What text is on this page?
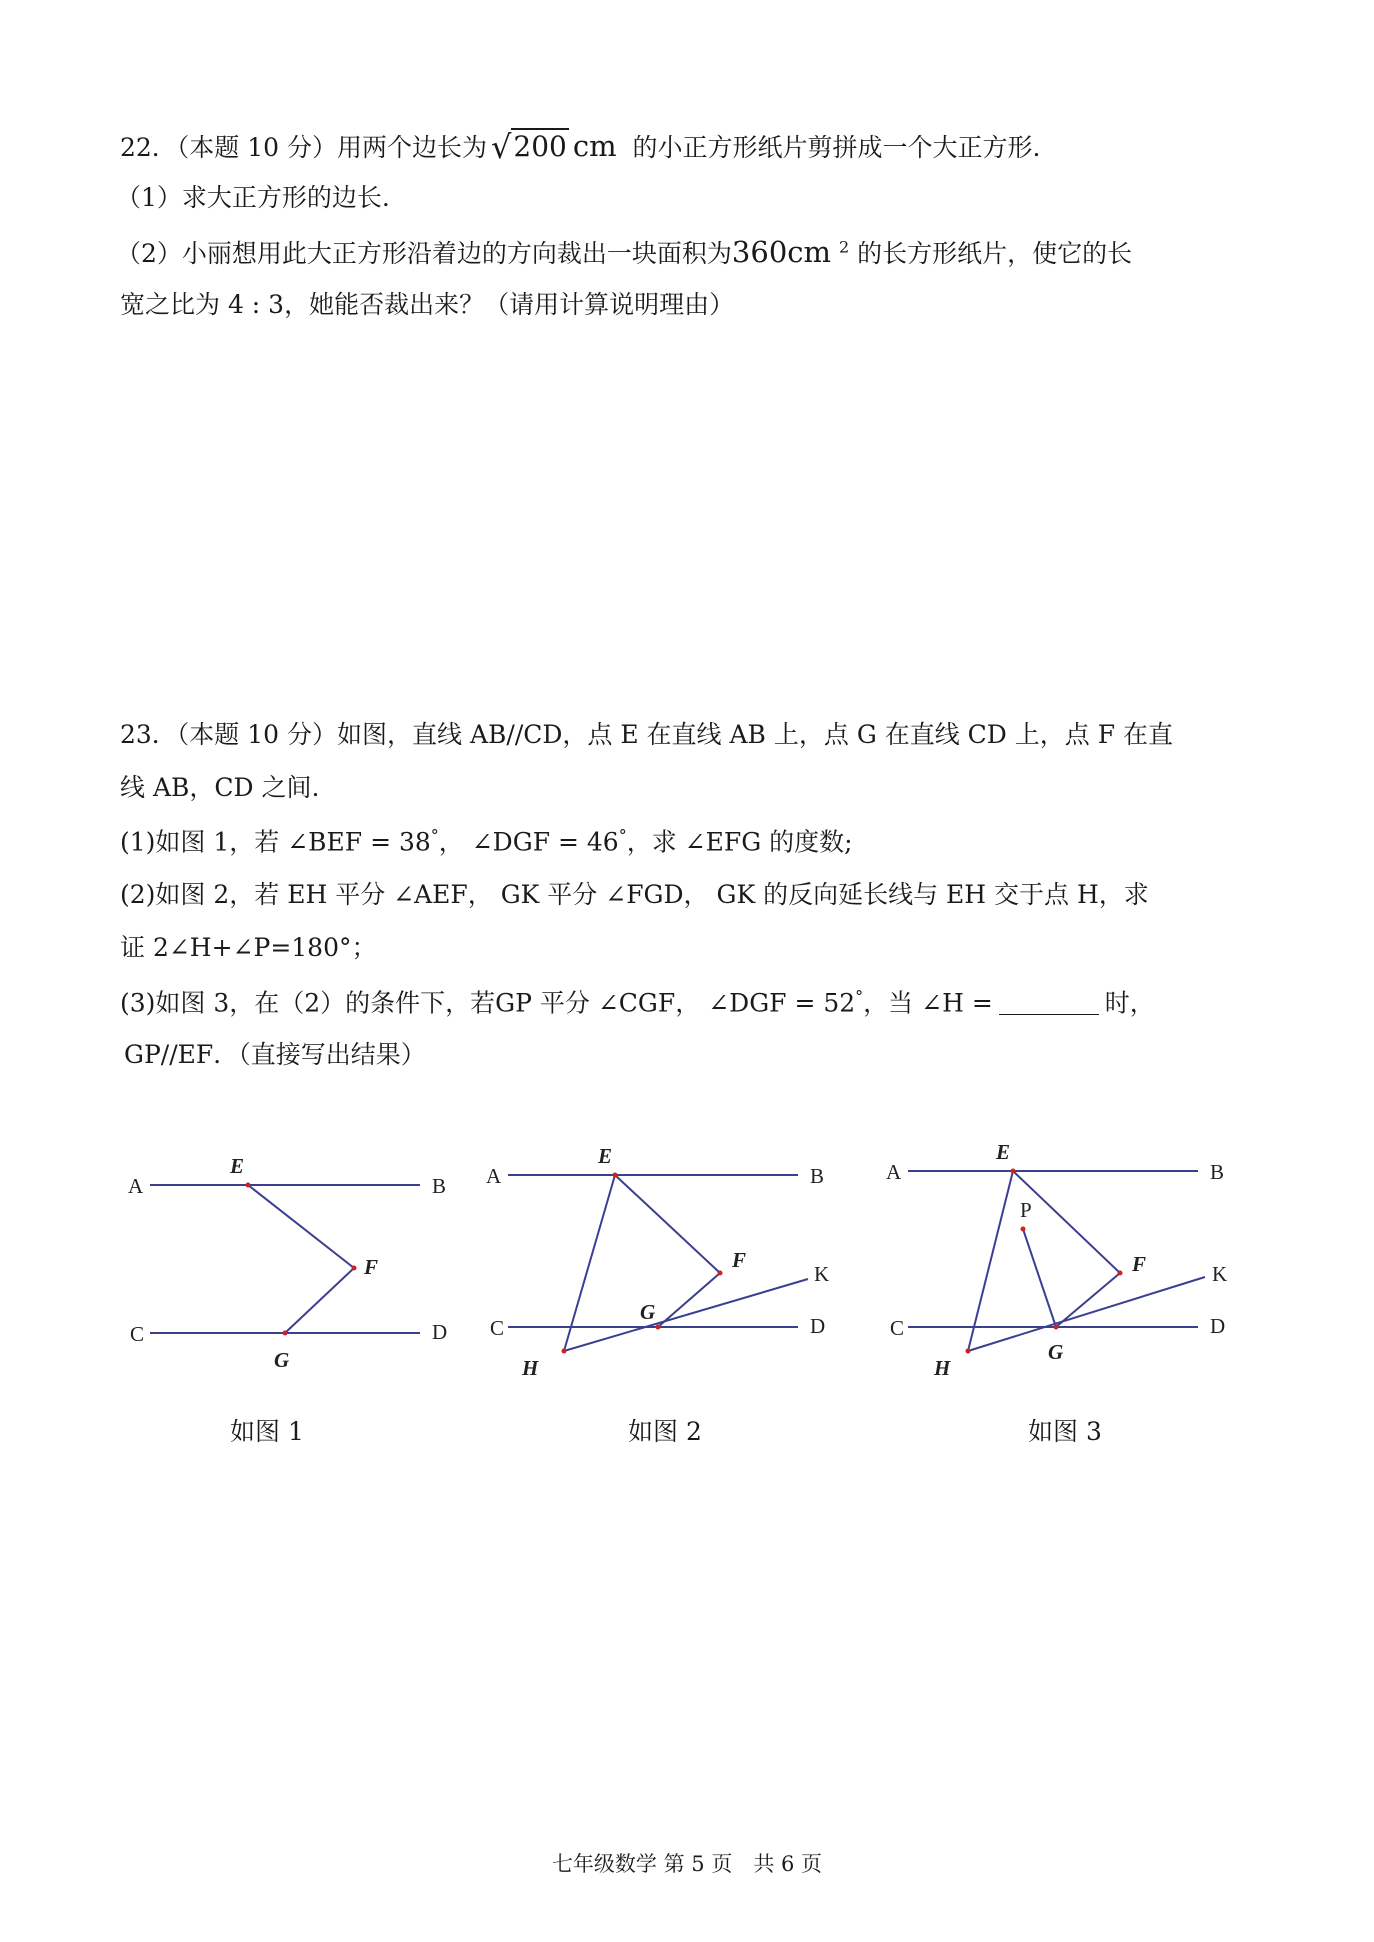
22．（本题 10 分）用两个边长为 √200 cm 的小正方形纸片剪拼成一个大正方形.
（1）求大正方形的边长.
（2）小丽想用此大正方形沿着边的方向裁出一块面积为360cm $^2$ 的长方形纸片，使它的长
宽之比为 4 : 3，她能否裁出来？（请用计算说明理由）
23．（本题 10 分）如图，直线 AB//CD，点 E 在直线 AB 上，点 G 在直线 CD 上，点 F 在直
线 AB，CD 之间.
(1)如图 1，若 ∠BEF = 38°， ∠DGF = 46°，求 ∠EFG 的度数;
(2)如图 2，若 EH 平分 ∠AEF， GK 平分 ∠FGD， GK 的反向延长线与 EH 交于点 H，求
证 2∠H+∠P=180°；
(3)如图 3，在（2）的条件下，若GP 平分 ∠CGF， ∠DGF = 52°，当 ∠H =	时，
GP//EF．（直接写出结果）
A	B
C	D
E
F
G
A	B
C	D
E
F
G
H
K
A	B
C	D
E
F
G
H
K
P
如图 1	如图 2	如图 3
七年级数学 第 5 页　共 6 页
